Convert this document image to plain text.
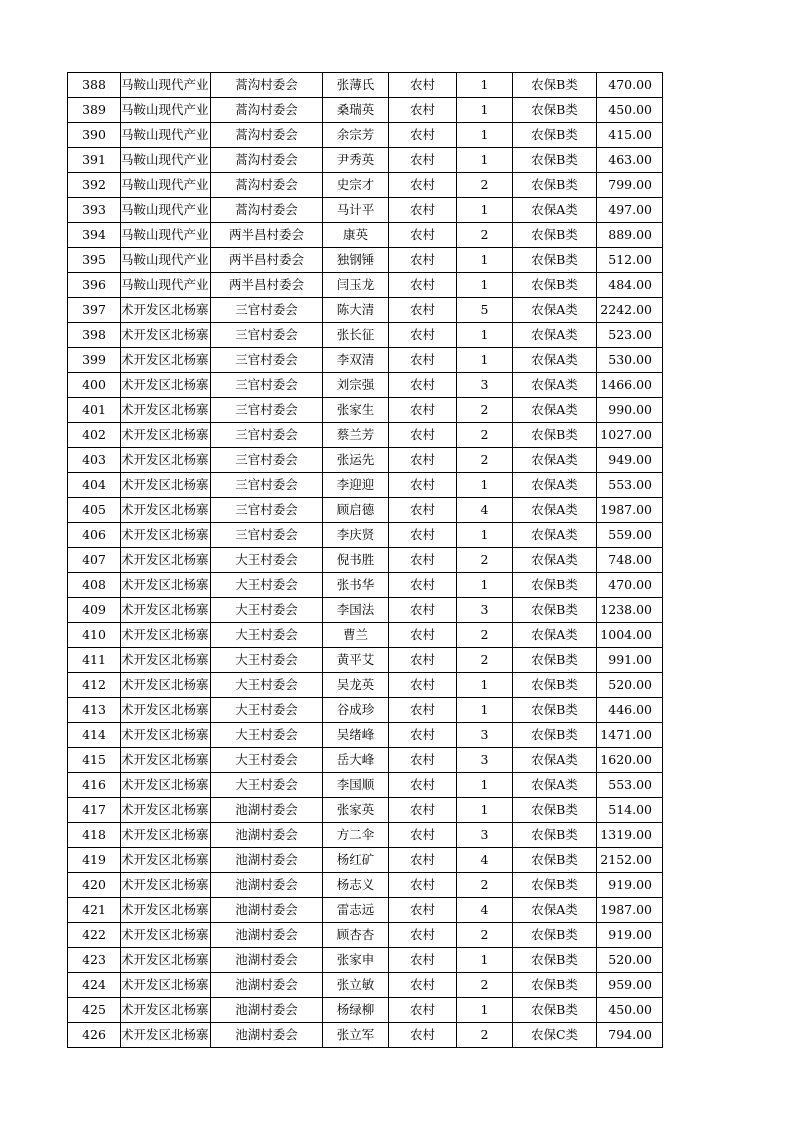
388	马鞍山现代产业	蒿沟村委会	张薄氏	农村	1	农保B类	470.00
389	马鞍山现代产业	蒿沟村委会	桑瑞英	农村	1	农保B类	450.00
390	马鞍山现代产业	蒿沟村委会	余宗芳	农村	1	农保B类	415.00
391	马鞍山现代产业	蒿沟村委会	尹秀英	农村	1	农保B类	463.00
392	马鞍山现代产业	蒿沟村委会	史宗才	农村	2	农保B类	799.00
393	马鞍山现代产业	蒿沟村委会	马计平	农村	1	农保A类	497.00
394	马鞍山现代产业	两半昌村委会	康英	农村	2	农保B类	889.00
395	马鞍山现代产业	两半昌村委会	独钢锤	农村	1	农保B类	512.00
396	马鞍山现代产业	两半昌村委会	闫玉龙	农村	1	农保B类	484.00
397	术开发区北杨寨	三官村委会	陈大清	农村	5	农保A类	2242.00
398	术开发区北杨寨	三官村委会	张长征	农村	1	农保A类	523.00
399	术开发区北杨寨	三官村委会	李双清	农村	1	农保A类	530.00
400	术开发区北杨寨	三官村委会	刘宗强	农村	3	农保A类	1466.00
401	术开发区北杨寨	三官村委会	张家生	农村	2	农保A类	990.00
402	术开发区北杨寨	三官村委会	蔡兰芳	农村	2	农保B类	1027.00
403	术开发区北杨寨	三官村委会	张运先	农村	2	农保A类	949.00
404	术开发区北杨寨	三官村委会	李迎迎	农村	1	农保A类	553.00
405	术开发区北杨寨	三官村委会	顾启德	农村	4	农保A类	1987.00
406	术开发区北杨寨	三官村委会	李庆贤	农村	1	农保A类	559.00
407	术开发区北杨寨	大王村委会	倪书胜	农村	2	农保A类	748.00
408	术开发区北杨寨	大王村委会	张书华	农村	1	农保B类	470.00
409	术开发区北杨寨	大王村委会	李国法	农村	3	农保B类	1238.00
410	术开发区北杨寨	大王村委会	曹兰	农村	2	农保A类	1004.00
411	术开发区北杨寨	大王村委会	黄平艾	农村	2	农保B类	991.00
412	术开发区北杨寨	大王村委会	吴龙英	农村	1	农保B类	520.00
413	术开发区北杨寨	大王村委会	谷成珍	农村	1	农保B类	446.00
414	术开发区北杨寨	大王村委会	吴绪峰	农村	3	农保B类	1471.00
415	术开发区北杨寨	大王村委会	岳大峰	农村	3	农保A类	1620.00
416	术开发区北杨寨	大王村委会	李国顺	农村	1	农保A类	553.00
417	术开发区北杨寨	池湖村委会	张家英	农村	1	农保B类	514.00
418	术开发区北杨寨	池湖村委会	方二伞	农村	3	农保B类	1319.00
419	术开发区北杨寨	池湖村委会	杨红矿	农村	4	农保B类	2152.00
420	术开发区北杨寨	池湖村委会	杨志义	农村	2	农保B类	919.00
421	术开发区北杨寨	池湖村委会	雷志远	农村	4	农保A类	1987.00
422	术开发区北杨寨	池湖村委会	顾杏杏	农村	2	农保B类	919.00
423	术开发区北杨寨	池湖村委会	张家申	农村	1	农保B类	520.00
424	术开发区北杨寨	池湖村委会	张立敏	农村	2	农保B类	959.00
425	术开发区北杨寨	池湖村委会	杨绿柳	农村	1	农保B类	450.00
426	术开发区北杨寨	池湖村委会	张立军	农村	2	农保C类	794.00
